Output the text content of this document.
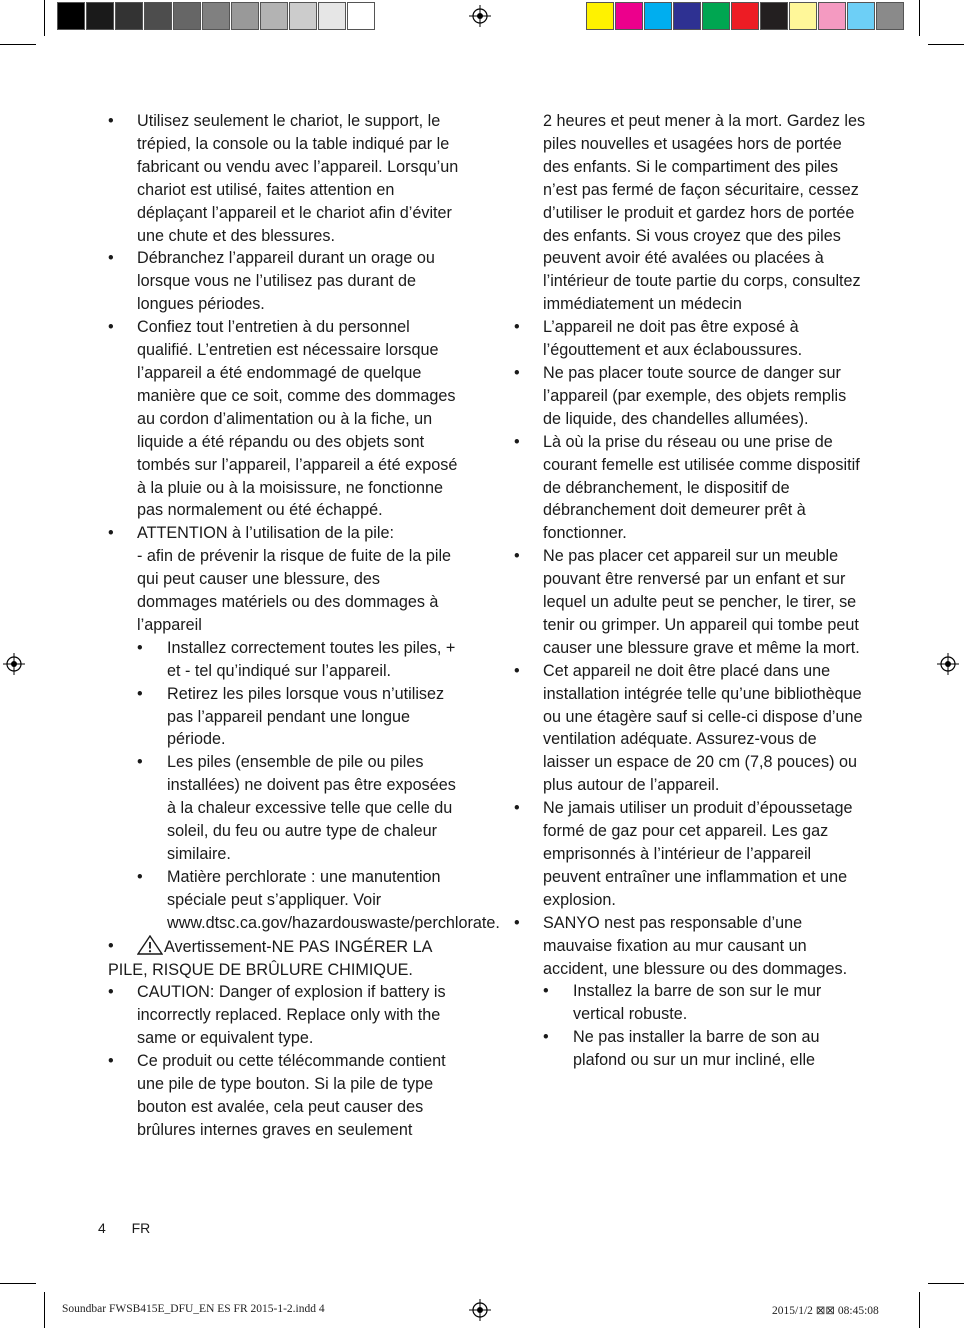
• Utilisez seulement le chariot, le support, le trépied, la console ou la table indiqué par le fabricant ou vendu avec l’appareil. Lorsqu’un chariot est utilisé, faites attention en déplaçant l’appareil et le chariot afin d’éviter une chute et des blessures.
• Débranchez l’appareil durant un orage ou lorsque vous ne l’utilisez pas durant de longues périodes.
• Confiez tout l’entretien à du personnel qualifié. L’entretien est nécessaire lorsque l’appareil a été endommagé de quelque manière que ce soit, comme des dommages au cordon d’alimentation ou à la fiche, un liquide a été répandu ou des objets sont tombés sur l’appareil, l’appareil a été exposé à la pluie ou à la moisissure, ne fonctionne pas normalement ou été échappé.
• ATTENTION à l’utilisation de la pile:
- afin de prévenir la risque de fuite de la pile qui peut causer une blessure, des dommages matériels ou des dommages à l’appareil
• Installez correctement toutes les piles, + et - tel qu’indiqué sur l’appareil.
• Retirez les piles lorsque vous n’utilisez pas l’appareil pendant une longue période.
• Les piles (ensemble de pile ou piles installées) ne doivent pas être exposées à la chaleur excessive telle que celle du soleil, du feu ou autre type de chaleur similaire.
• Matière perchlorate : une manutention spéciale peut s’appliquer. Voir www.dtsc.ca.gov/hazardouswaste/perchlorate.
• Avertissement-NE PAS INGÉRER LA
PILE, RISQUE DE BRÛLURE CHIMIQUE.
• CAUTION: Danger of explosion if battery is incorrectly replaced. Replace only with the same or equivalent type.
• Ce produit ou cette télécommande contient une pile de type bouton. Si la pile de type bouton est avalée, cela peut causer des brûlures internes graves en seulement
2 heures et peut mener à la mort. Gardez les piles nouvelles et usagées hors de portée des enfants. Si le compartiment des piles n’est pas fermé de façon sécuritaire, cessez d’utiliser le produit et gardez hors de portée des enfants. Si vous croyez que des piles peuvent avoir été avalées ou placées à l’intérieur de toute partie du corps, consultez immédiatement un médecin
• L’appareil ne doit pas être exposé à l’égouttement et aux éclaboussures.
• Ne pas placer toute source de danger sur l’appareil (par exemple, des objets remplis de liquide, des chandelles allumées).
• Là où la prise du réseau ou une prise de courant femelle est utilisée comme dispositif de débranchement, le dispositif de débranchement doit demeurer prêt à fonctionner.
• Ne pas placer cet appareil sur un meuble pouvant être renversé par un enfant et sur lequel un adulte peut se pencher, le tirer, se tenir ou grimper. Un appareil qui tombe peut causer une blessure grave et même la mort.
• Cet appareil ne doit être placé dans une installation intégrée telle qu’une bibliothèque ou une étagère sauf si celle-ci dispose d’une ventilation adéquate. Assurez-vous de laisser un espace de 20 cm (7,8 pouces) ou plus autour de l’appareil.
• Ne jamais utiliser un produit d’époussetage formé de gaz pour cet appareil. Les gaz emprisonnés à l’intérieur de l’appareil peuvent entraîner une inflammation et une explosion.
• SANYO nest pas responsable d’une mauvaise fixation au mur causant un accident, une blessure ou des dommages.
• Installez la barre de son sur le mur vertical robuste.
• Ne pas installer la barre de son au plafond ou sur un mur incliné, elle
4 FR
Soundbar FWSB415E_DFU_EN ES FR 2015-1-2.indd 4	2015/1/2 ⊠⊠ 08:45:08
